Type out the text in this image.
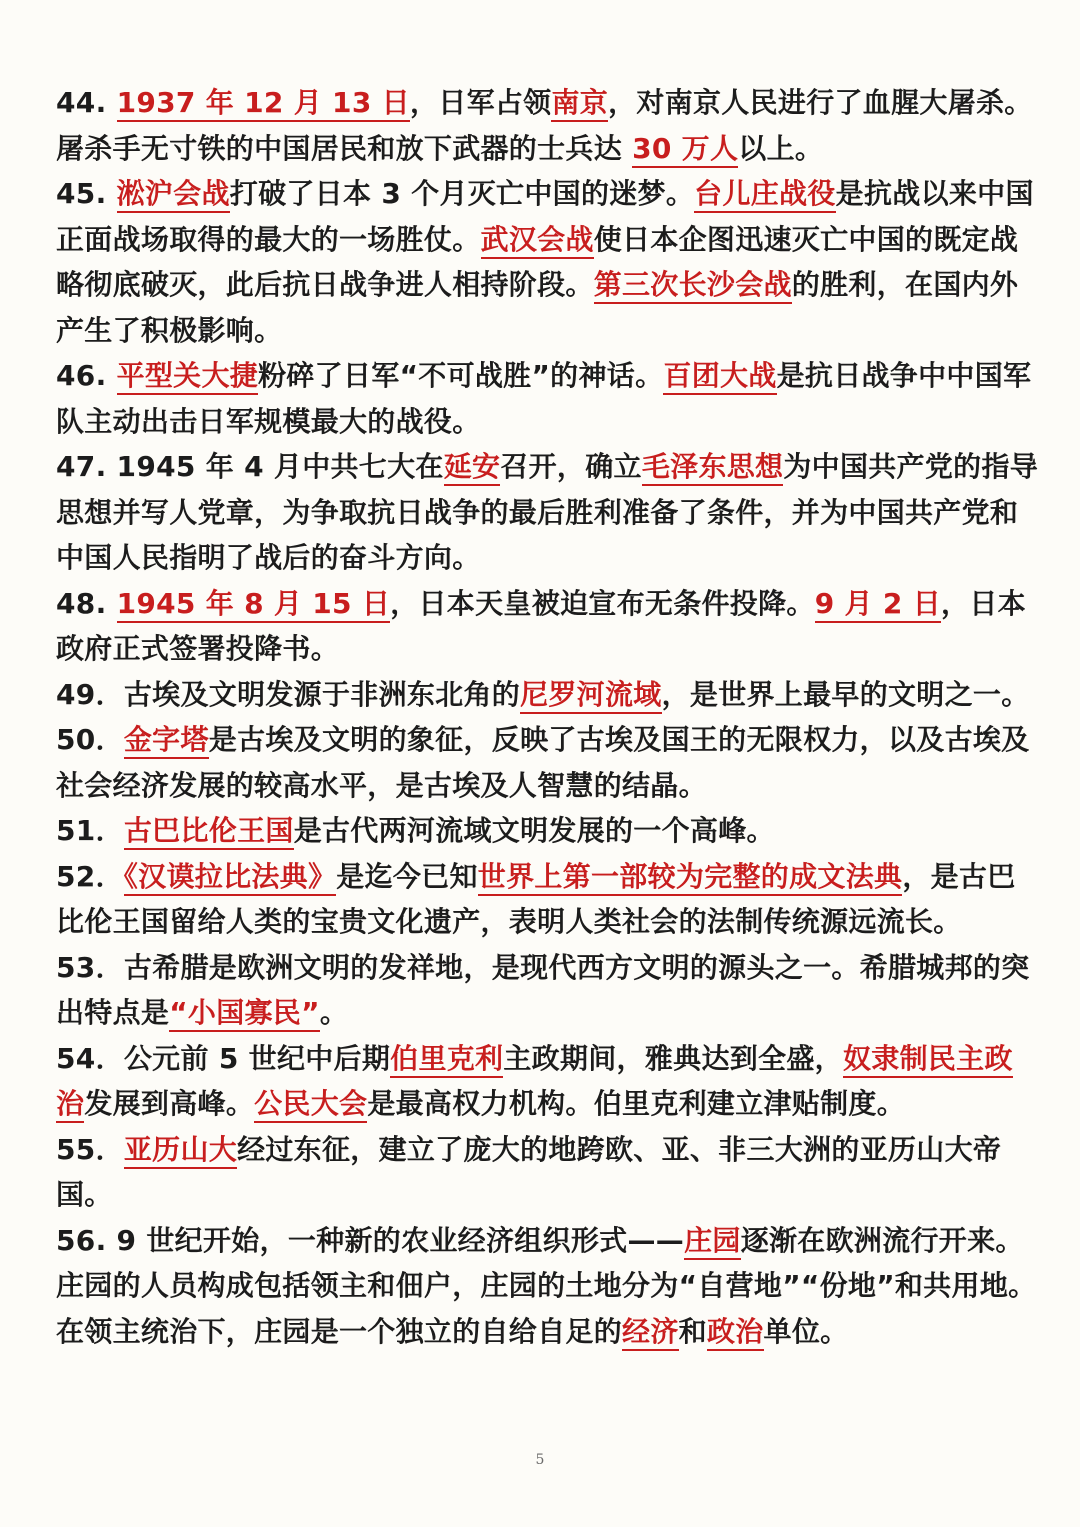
44. 1937 年 12 月 13 日，日军占领南京，对南京人民进行了血腥大屠杀。屠杀手无寸铁的中国居民和放下武器的士兵达 30 万人以上。

45. 淞沪会战打破了日本 3 个月灭亡中国的迷梦。台儿庄战役是抗战以来中国正面战场取得的最大的一场胜仗。武汉会战使日本企图迅速灭亡中国的既定战略彻底破灭，此后抗日战争进人相持阶段。第三次长沙会战的胜利，在国内外产生了积极影响。

46. 平型关大捷粉碎了日军“不可战胜”的神话。百团大战是抗日战争中中国军队主动出击日军规模最大的战役。

47. 1945 年 4 月中共七大在延安召开，确立毛泽东思想为中国共产党的指导思想并写人党章，为争取抗日战争的最后胜利准备了条件，并为中国共产党和中国人民指明了战后的奋斗方向。

48. 1945 年 8 月 15 日，日本天皇被迫宣布无条件投降。9 月 2 日，日本政府正式签署投降书。

49．古埃及文明发源于非洲东北角的尼罗河流域，是世界上最早的文明之一。

50．金字塔是古埃及文明的象征，反映了古埃及国王的无限权力，以及古埃及社会经济发展的较高水平，是古埃及人智慧的结晶。

51．古巴比伦王国是古代两河流域文明发展的一个高峰。

52．《汉谟拉比法典》是迄今已知世界上第一部较为完整的成文法典，是古巴比伦王国留给人类的宝贵文化遗产，表明人类社会的法制传统源远流长。

53．古希腊是欧洲文明的发祥地，是现代西方文明的源头之一。希腊城邦的突出特点是“小国寡民”。

54．公元前 5 世纪中后期伯里克利主政期间，雅典达到全盛，奴隶制民主政治发展到高峰。公民大会是最高权力机构。伯里克利建立津贴制度。

55．亚历山大经过东征，建立了庞大的地跨欧、亚、非三大洲的亚历山大帝国。

56. 9 世纪开始，一种新的农业经济组织形式——庄园逐渐在欧洲流行开来。庄园的人员构成包括领主和佃户，庄园的土地分为“自营地”“份地”和共用地。在领主统治下，庄园是一个独立的自给自足的经济和政治单位。

5
